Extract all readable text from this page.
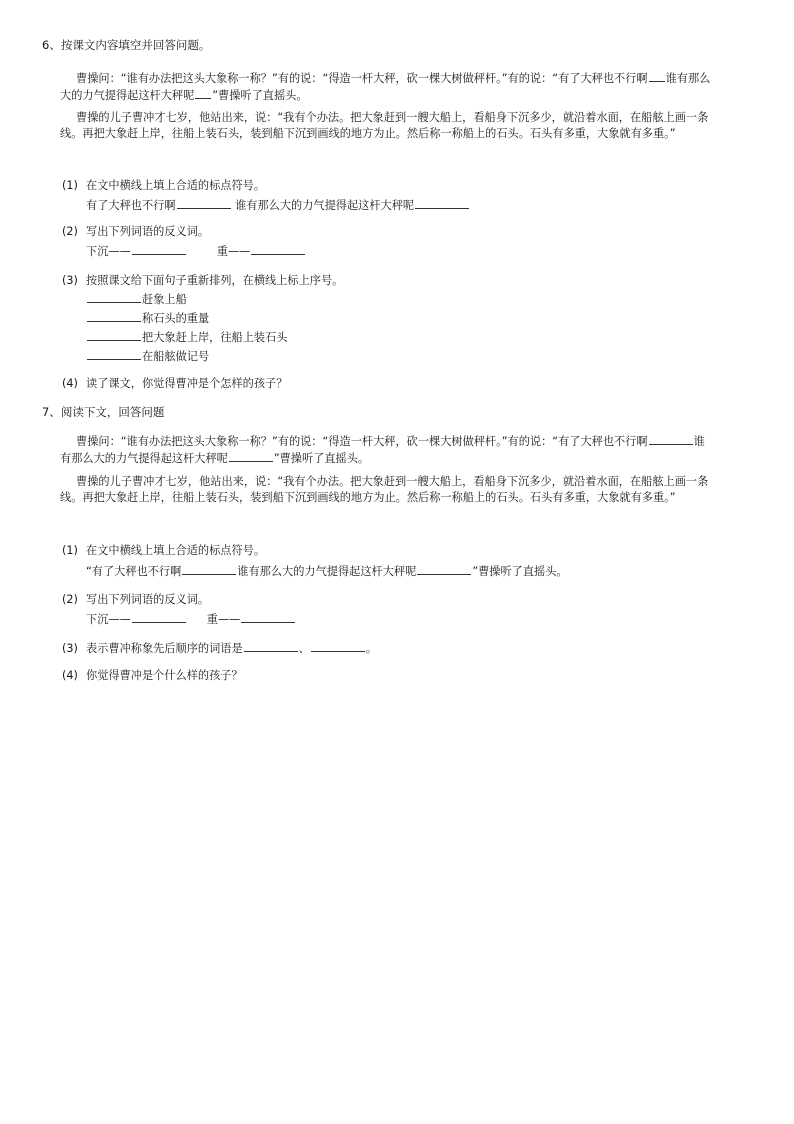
6、按课文内容填空并回答问题。
曹操问：“谁有办法把这头大象称一称？”有的说：“得造一杆大秤，砍一棵大树做秤杆。”有的说：“有了大秤也不行啊 谁有那么大的力气提得起这杆大秤呢 ”曹操听了直摇头。
曹操的儿子曹冲才七岁，他站出来，说：“我有个办法。把大象赶到一艘大船上，看船身下沉多少，就沿着水面，在船舷上画一条线。再把大象赶上岸，往船上装石头，装到船下沉到画线的地方为止。然后称一称船上的石头。石头有多重，大象就有多重。”
(1) 在文中横线上填上合适的标点符号。
有了大秤也不行啊	谁有那么大的力气提得起这杆大秤呢
(2) 写出下列词语的反义词。
下沉——	重——
(3) 按照课文给下面句子重新排列，在横线上标上序号。
赶象上船
称石头的重量
把大象赶上岸，往船上装石头
在船舷做记号
(4) 读了课文，你觉得曹冲是个怎样的孩子？
7、阅读下文，回答问题
曹操问：“谁有办法把这头大象称一称？”有的说：“得造一杆大秤，砍一棵大树做秤杆。”有的说：“有了大秤也不行啊	谁有那么大的力气提得起这杆大秤呢	”曹操听了直摇头。
曹操的儿子曹冲才七岁，他站出来，说：“我有个办法。把大象赶到一艘大船上，看船身下沉多少，就沿着水面，在船舷上画一条线。再把大象赶上岸，往船上装石头，装到船下沉到画线的地方为止。然后称一称船上的石头。石头有多重，大象就有多重。”
(1) 在文中横线上填上合适的标点符号。
“有了大秤也不行啊	谁有那么大的力气提得起这杆大秤呢	”曹操听了直摇头。
(2) 写出下列词语的反义词。
下沉——	重——
(3) 表示曹冲称象先后顺序的词语是	、	。
(4) 你觉得曹冲是个什么样的孩子？
